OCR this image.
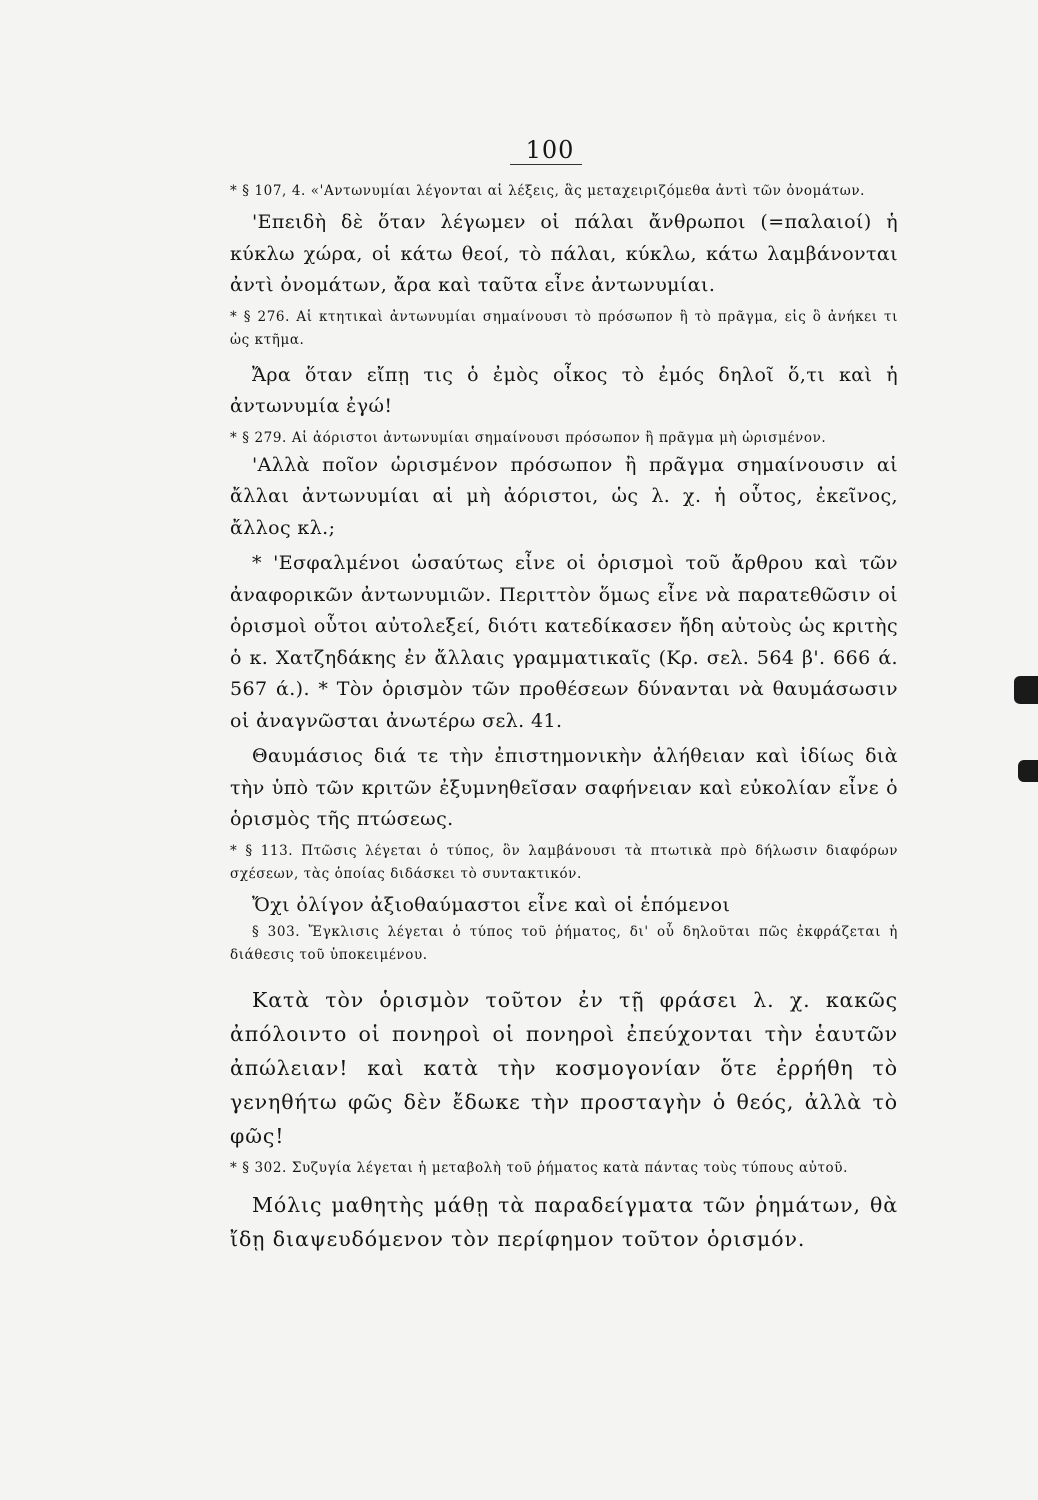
100

* § 107, 4. «'Αντωνυμίαι λέγονται αἱ λέξεις, ἃς μεταχειριζόμεθα ἀντὶ τῶν ὀνομάτων.

'Επειδὴ δὲ ὅταν λέγωμεν οἱ πάλαι ἄνθρωποι (=παλαιοί) ἡ κύκλω χώρα, οἱ κάτω θεοί, τὸ πάλαι, κύκλω, κάτω λαμβάνονται ἀντὶ ὀνομάτων, ἄρα καὶ ταῦτα εἶνε ἀντωνυμίαι.

* § 276. Αἱ κτητικαὶ ἀντωνυμίαι σημαίνουσι τὸ πρόσωπον ἢ τὸ πρᾶγμα, εἰς ὃ ἀνήκει τι ὡς κτῆμα.

Ἄρα ὅταν εἴπῃ τις ὁ ἐμὸς οἶκος τὸ ἐμός δηλοῖ ὅ,τι καὶ ἡ ἀντωνυμία ἐγώ!

* § 279. Αἱ ἀόριστοι ἀντωνυμίαι σημαίνουσι πρόσωπον ἢ πρᾶγμα μὴ ὡρισμένον.

'Αλλὰ ποῖον ὡρισμένον πρόσωπον ἢ πρᾶγμα σημαίνουσιν αἱ ἄλλαι ἀντωνυμίαι αἱ μὴ ἀόριστοι, ὡς λ. χ. ἡ οὗτος, ἐκεῖνος, ἄλλος κλ.;

* 'Εσφαλμένοι ὡσαύτως εἶνε οἱ ὁρισμοὶ τοῦ ἄρθρου καὶ τῶν ἀναφορικῶν ἀντωνυμιῶν. Περιττὸν ὅμως εἶνε νὰ παρατεθῶσιν οἱ ὁρισμοὶ οὗτοι αὐτολεξεί, διότι κατεδίκασεν ἤδη αὐτοὺς ὡς κριτὴς ὁ κ. Χατζηδάκης ἐν ἄλλαις γραμματικαῖς (Κρ. σελ. 564 β'. 666 ά. 567 ά.). * Τὸν ὁρισμὸν τῶν προθέσεων δύνανται νὰ θαυμάσωσιν οἱ ἀναγνῶσται ἀνωτέρω σελ. 41.

Θαυμάσιος διά τε τὴν ἐπιστημονικὴν ἀλήθειαν καὶ ἰδίως διὰ τὴν ὑπὸ τῶν κριτῶν ἐξυμνηθεῖσαν σαφήνειαν καὶ εὐκολίαν εἶνε ὁ ὁρισμὸς τῆς πτώσεως.

* § 113. Πτῶσις λέγεται ὁ τύπος, ὃν λαμβάνουσι τὰ πτωτικὰ πρὸ δήλωσιν διαφόρων σχέσεων, τὰς ὁποίας διδάσκει τὸ συντακτικόν.

Ὄχι ὀλίγον ἀξιοθαύμαστοι εἶνε καὶ οἱ ἑπόμενοι

§ 303. Ἔγκλισις λέγεται ὁ τύπος τοῦ ῥήματος, δι' οὗ δηλοῦται πῶς ἐκφράζεται ἡ διάθεσις τοῦ ὑποκειμένου.

Κατὰ τὸν ὁρισμὸν τοῦτον ἐν τῇ φράσει λ. χ. κακῶς ἀπόλοιντο οἱ πονηροὶ οἱ πονηροὶ ἐπεύχονται τὴν ἑαυτῶν ἀπώλειαν! καὶ κατὰ τὴν κοσμογονίαν ὅτε ἐρρήθη τὸ γενηθήτω φῶς δὲν ἔδωκε τὴν προσταγὴν ὁ θεός, ἀλλὰ τὸ φῶς!

* § 302. Συζυγία λέγεται ἡ μεταβολὴ τοῦ ῥήματος κατὰ πάντας τοὺς τύπους αὐτοῦ.

Μόλις μαθητὴς μάθῃ τὰ παραδείγματα τῶν ῥημάτων, θὰ ἴδῃ διαψευδόμενον τὸν περίφημον τοῦτον ὁρισμόν.
